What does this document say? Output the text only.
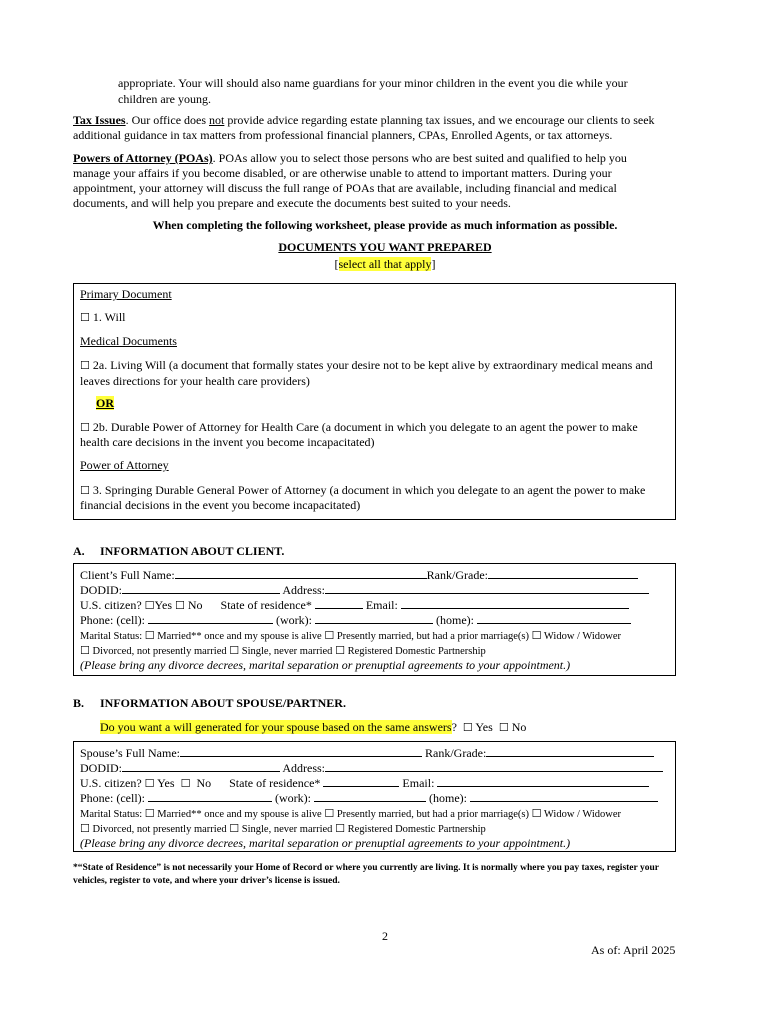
appropriate. Your will should also name guardians for your minor children in the event you die while your
children are young.
Tax Issues. Our office does not provide advice regarding estate planning tax issues, and we encourage our clients to seek
additional guidance in tax matters from professional financial planners, CPAs, Enrolled Agents, or tax attorneys.
Powers of Attorney (POAs). POAs allow you to select those persons who are best suited and qualified to help you
manage your affairs if you become disabled, or are otherwise unable to attend to important matters. During your
appointment, your attorney will discuss the full range of POAs that are available, including financial and medical
documents, and will help you prepare and execute the documents best suited to your needs.
When completing the following worksheet, please provide as much information as possible.
DOCUMENTS YOU WANT PREPARED
[select all that apply]
Primary Document
☐ 1. Will
Medical Documents
☐ 2a. Living Will (a document that formally states your desire not to be kept alive by extraordinary medical means and
leaves directions for your health care providers)
OR
☐ 2b. Durable Power of Attorney for Health Care (a document in which you delegate to an agent the power to make
health care decisions in the invent you become incapacitated)
Power of Attorney
☐ 3. Springing Durable General Power of Attorney (a document in which you delegate to an agent the power to make
financial decisions in the event you become incapacitated)
A. INFORMATION ABOUT CLIENT.
Client’s Full Name:	Rank/Grade:
DODID:	Address:
U.S. citizen? ☐Yes ☐ No State of residence*	Email:
Phone: (cell):	(work):	(home):
Marital Status: ☐ Married** once and my spouse is alive ☐ Presently married, but had a prior marriage(s) ☐ Widow / Widower
☐ Divorced, not presently married ☐ Single, never married ☐ Registered Domestic Partnership
(Please bring any divorce decrees, marital separation or prenuptial agreements to your appointment.)
B. INFORMATION ABOUT SPOUSE/PARTNER.
Do you want a will generated for your spouse based on the same answers? ☐ Yes ☐ No
Spouse’s Full Name:	Rank/Grade:
DODID:	Address:
U.S. citizen? ☐ Yes ☐ No State of residence*	Email:
Phone: (cell):	(work):	(home):
Marital Status: ☐ Married** once and my spouse is alive ☐ Presently married, but had a prior marriage(s) ☐ Widow / Widower
☐ Divorced, not presently married ☐ Single, never married ☐ Registered Domestic Partnership
(Please bring any divorce decrees, marital separation or prenuptial agreements to your appointment.)
*“State of Residence” is not necessarily your Home of Record or where you currently are living. It is normally where you pay taxes, register your
vehicles, register to vote, and where your driver’s license is issued.
2
As of: April 2025
